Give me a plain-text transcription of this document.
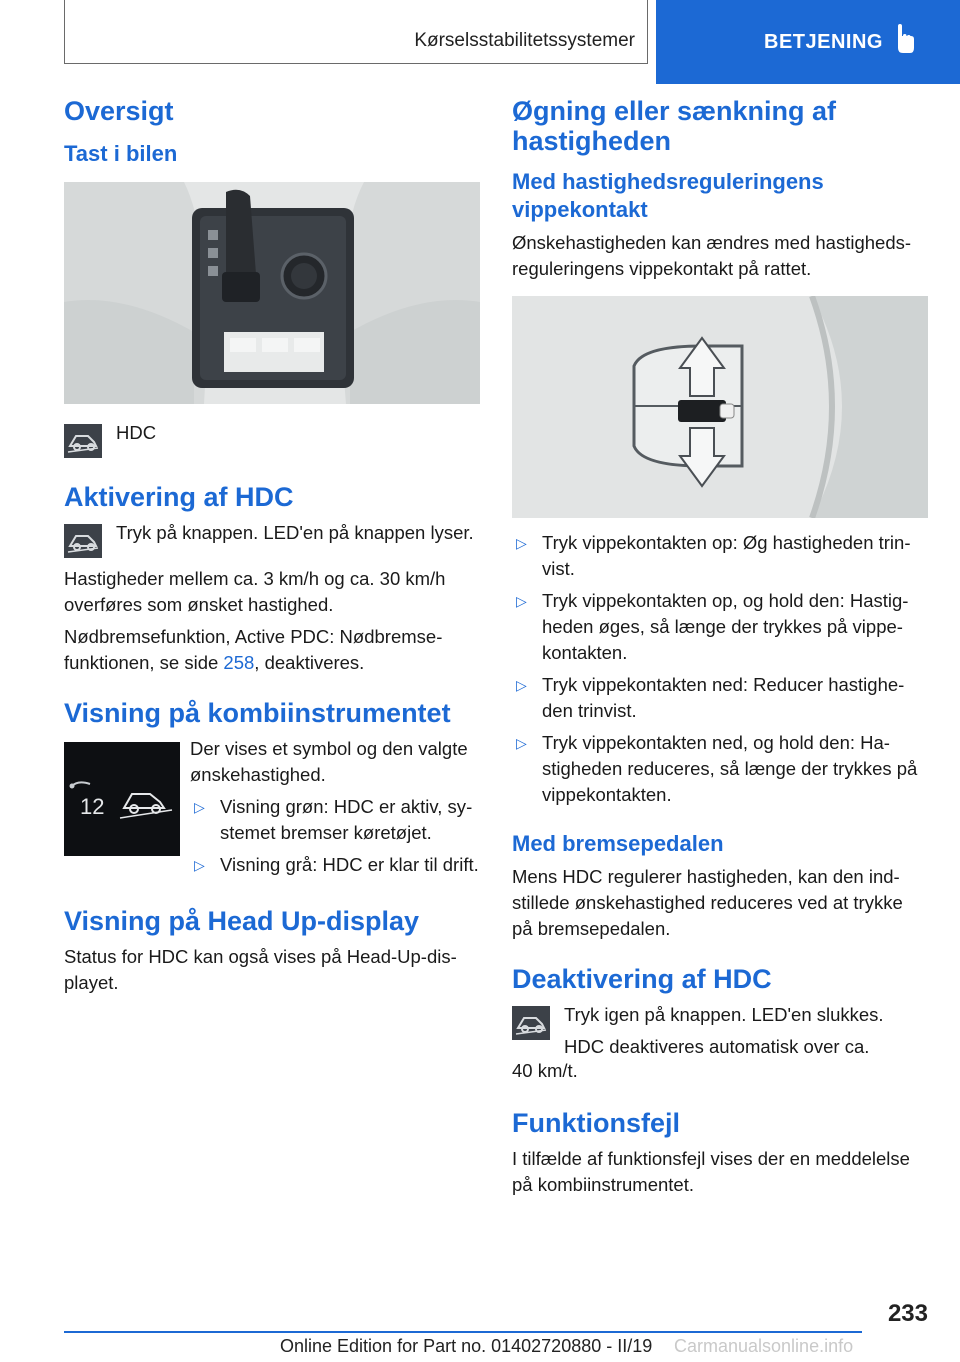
Kørselsstabilitetssystemer	BETJENING
Oversigt
Tast i bilen

HDC

Aktivering af HDC

Tryk på knappen. LED'en på knappen lyser.

Hastigheder mellem ca. 3 km/h og ca. 30 km/h overføres som ønsket hastighed.

Nødbremsefunktion, Active PDC: Nødbremsefunktionen, se side 258, deaktiveres.

Visning på kombiinstrumentet
12

Der vises et symbol og den valgte ønskehastighed.

▷ Visning grøn: HDC er aktiv, systemet bremser køretøjet.
▷ Visning grå: HDC er klar til drift.
Visning på Head Up-display

Status for HDC kan også vises på Head-Up-displayet.

Øgning eller sænkning af hastigheden
Med hastighedsreguleringens vippekontakt

Ønskehastigheden kan ændres med hastighedsreguleringens vippekontakt på rattet.

▷ Tryk vippekontakten op: Øg hastigheden trinvist.
▷ Tryk vippekontakten op, og hold den: Hastigheden øges, så længe der trykkes på vippekontakten.
▷ Tryk vippekontakten ned: Reducer hastigheden trinvist.
▷ Tryk vippekontakten ned, og hold den: Hastigheden reduceres, så længe der trykkes på vippekontakten.
Med bremsepedalen

Mens HDC regulerer hastigheden, kan den indstillede ønskehastighed reduceres ved at trykke på bremsepedalen.

Deaktivering af HDC

Tryk igen på knappen. LED'en slukkes.

HDC deaktiveres automatisk over ca.

40 km/t.

Funktionsfejl

I tilfælde af funktionsfejl vises der en meddelelse på kombiinstrumentet.

233
Online Edition for Part no. 01402720880 - II/19 Carmanualsonline.info
